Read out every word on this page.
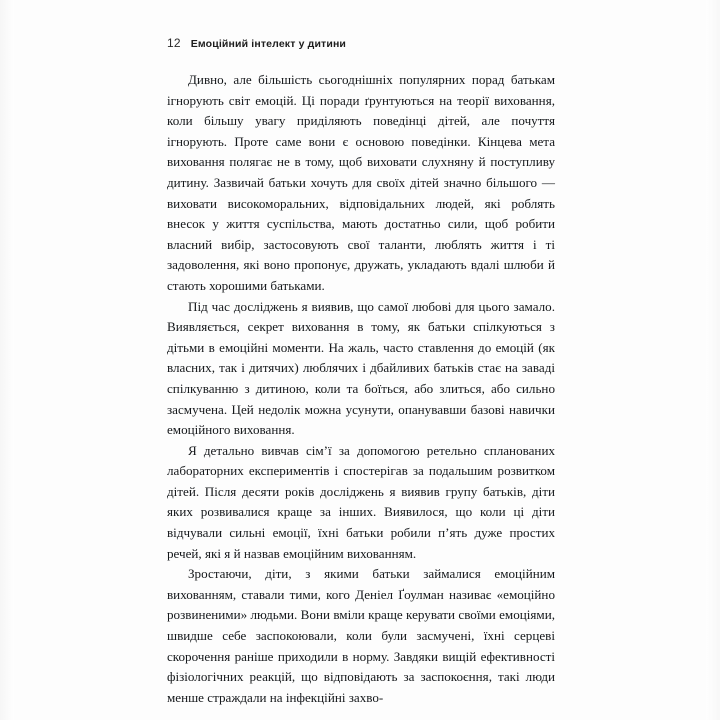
12 Емоційний інтелект у дитини

Дивно, але більшість сьогоднішніх популярних порад батькам ігнорують світ емоцій. Ці поради ґрунтуються на теорії виховання, коли більшу увагу приділяють поведінці дітей, але почуття ігнорують. Проте саме вони є основою поведінки. Кінцева мета виховання полягає не в тому, щоб виховати слухняну й поступливу дитину. Зазвичай батьки хочуть для своїх дітей значно більшого — виховати високоморальних, відповідальних людей, які роблять внесок у життя суспільства, мають достатньо сили, щоб робити власний вибір, застосовують свої таланти, люблять життя і ті задоволення, які воно пропонує, дружать, укладають вдалі шлюби й стають хорошими батьками.

Під час досліджень я виявив, що самої любові для цього замало. Виявляється, секрет виховання в тому, як батьки спілкуються з дітьми в емоційні моменти. На жаль, часто ставлення до емоцій (як власних, так і дитячих) люблячих і дбайливих батьків стає на заваді спілкуванню з дитиною, коли та боїться, або злиться, або сильно засмучена. Цей недолік можна усунути, опанувавши базові навички емоційного виховання.

Я детально вивчав сім’ї за допомогою ретельно спланованих лабораторних експериментів і спостерігав за подальшим розвитком дітей. Після десяти років досліджень я виявив групу батьків, діти яких розвивалися краще за інших. Виявилося, що коли ці діти відчували сильні емоції, їхні батьки робили п’ять дуже простих речей, які я й назвав емоційним вихованням.

Зростаючи, діти, з якими батьки займалися емоційним вихованням, ставали тими, кого Деніел Ґоулман називає «емоційно розвиненими» людьми. Вони вміли краще керувати своїми емоціями, швидше себе заспокоювали, коли були засмучені, їхні серцеві скорочення раніше приходили в норму. Завдяки вищій ефективності фізіологічних реакцій, що відповідають за заспокоєння, такі люди менше страждали на інфекційні захво-
